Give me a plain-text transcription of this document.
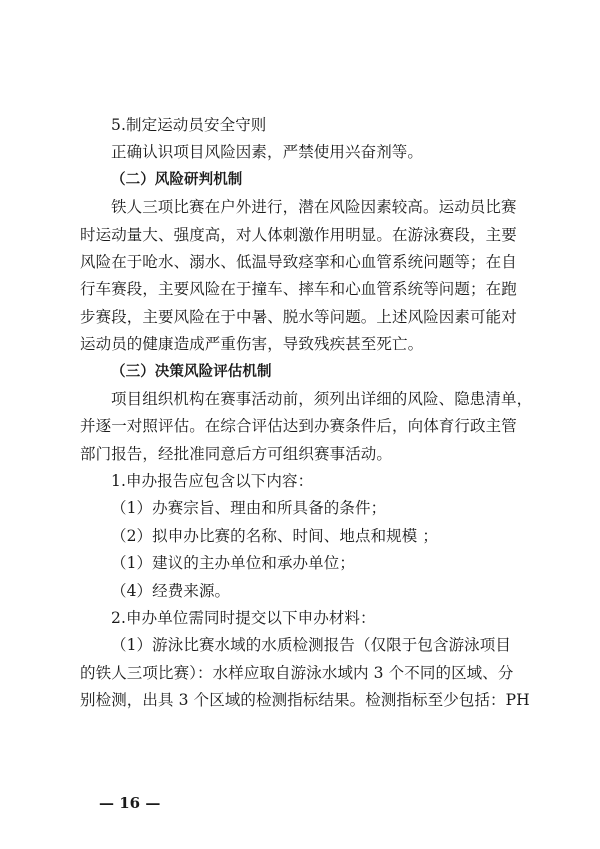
5.制定运动员安全守则
正确认识项目风险因素，严禁使用兴奋剂等。
（二）风险研判机制
铁人三项比赛在户外进行，潜在风险因素较高。运动员比赛
时运动量大、强度高，对人体刺激作用明显。在游泳赛段，主要
风险在于呛水、溺水、低温导致痉挛和心血管系统问题等；在自
行车赛段，主要风险在于撞车、摔车和心血管系统等问题；在跑
步赛段，主要风险在于中暑、脱水等问题。上述风险因素可能对
运动员的健康造成严重伤害，导致残疾甚至死亡。
（三）决策风险评估机制
项目组织机构在赛事活动前，须列出详细的风险、隐患清单，
并逐一对照评估。在综合评估达到办赛条件后，向体育行政主管
部门报告，经批准同意后方可组织赛事活动。
1.申办报告应包含以下内容：
（1）办赛宗旨、理由和所具备的条件；
（2）拟申办比赛的名称、时间、地点和规模 ；
（1）建议的主办单位和承办单位；
（4）经费来源。
2.申办单位需同时提交以下申办材料：
（1）游泳比赛水域的水质检测报告（仅限于包含游泳项目
的铁人三项比赛）：水样应取自游泳水域内 3 个不同的区域、分
别检测，出具 3 个区域的检测指标结果。检测指标至少包括：PH
— 16 —
